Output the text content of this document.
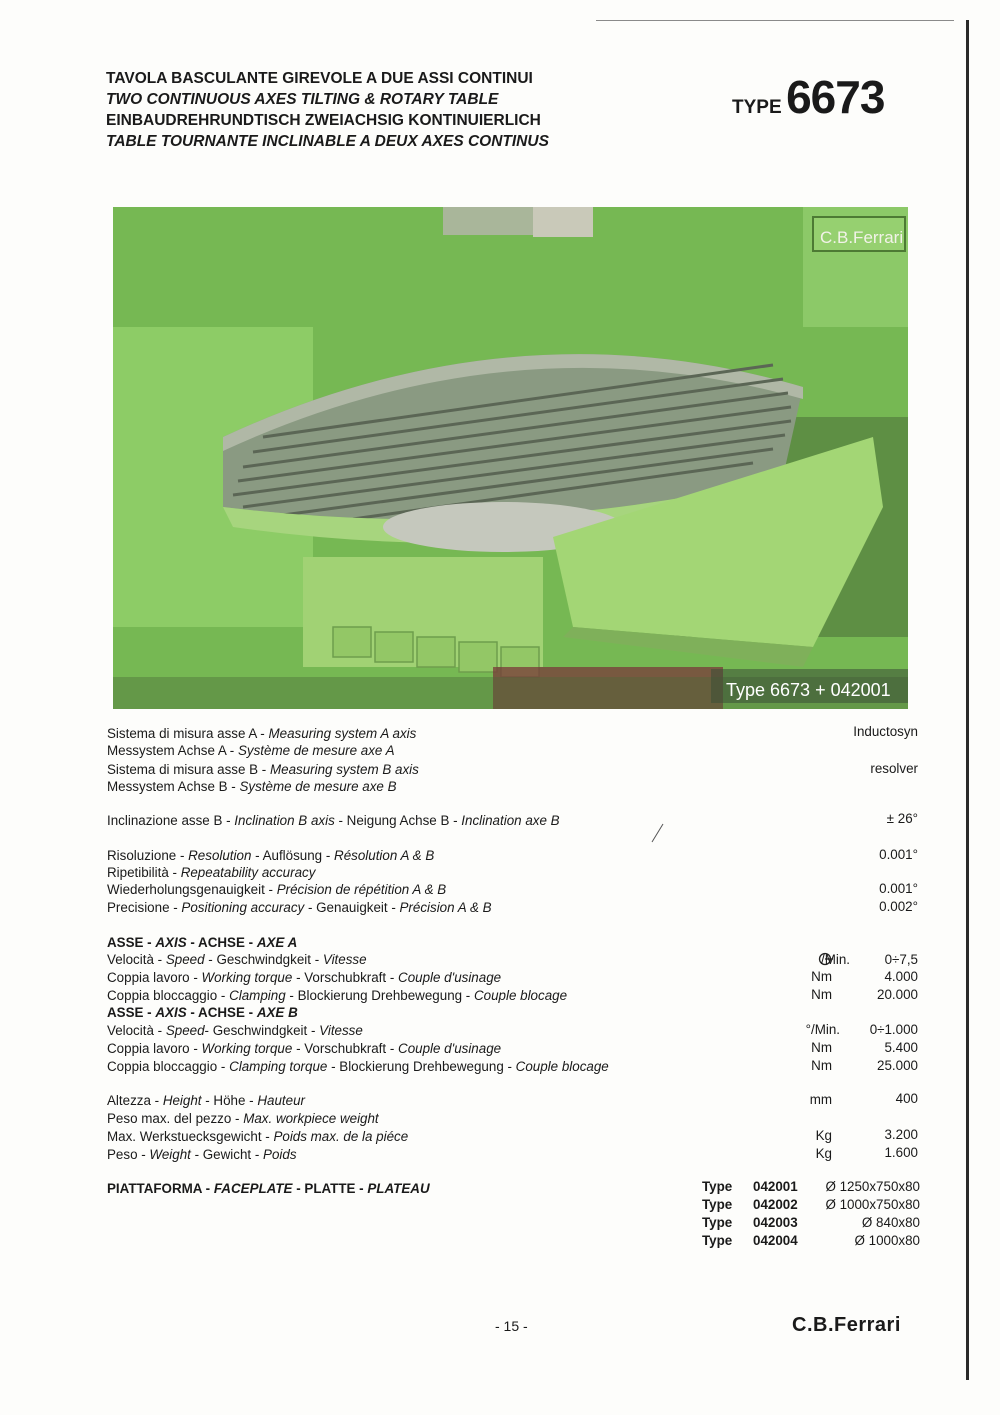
TAVOLA BASCULANTE GIREVOLE A DUE ASSI CONTINUI
TWO CONTINUOUS AXES TILTING & ROTARY TABLE
EINBAUDREHRUNDTISCH ZWEIACHSIG KONTINUIERLICH
TABLE TOURNANTE INCLINABLE A DEUX AXES CONTINUS
TYPE 6673
C.B.Ferrari
Type 6673 + 042001
Sistema di misura asse A - Measuring system A axis
Messystem Achse A - Système de mesure axe A
Inductosyn
Sistema di misura asse B - Measuring system B axis
Messystem Achse B - Système de mesure axe B
resolver
Inclinazione asse B - Inclination B axis - Neigung Achse B - Inclination axe B	± 26°
Risoluzione - Resolution - Auflösung - Résolution A & B	0.001°
Ripetibilità - Repeatability accuracy
Wiederholungsgenauigkeit - Précision de répétition A & B	0.001°
Precisione - Positioning accuracy - Genauigkeit - Précision A & B	0.002°
ASSE - AXIS - ACHSE - AXE A
Velocità - Speed - Geschwindgkeit - Vitesse	/Min.	0÷7,5
Coppia lavoro - Working torque - Vorschubkraft - Couple d'usinage	Nm	4.000
Coppia bloccaggio - Clamping - Blockierung Drehbewegung - Couple blocage	Nm	20.000
ASSE - AXIS - ACHSE - AXE B
Velocità - Speed- Geschwindgkeit - Vitesse	°/Min. 0÷1.000
Coppia lavoro - Working torque - Vorschubkraft - Couple d'usinage	Nm	5.400
Coppia bloccaggio - Clamping torque - Blockierung Drehbewegung - Couple blocage	Nm	25.000
Altezza - Height - Höhe - Hauteur	mm	400
Peso max. del pezzo - Max. workpiece weight
Max. Werkstuecksgewicht - Poids max. de la piéce	Kg	3.200
Peso - Weight - Gewicht - Poids	Kg	1.600
PIATTAFORMA - FACEPLATE - PLATTE - PLATEAU	Type 042001	Ø 1250x750x80
Type 042002	Ø 1000x750x80
Type 042003	Ø 840x80
Type 042004	Ø 1000x80
- 15 -	C.B.Ferrari
